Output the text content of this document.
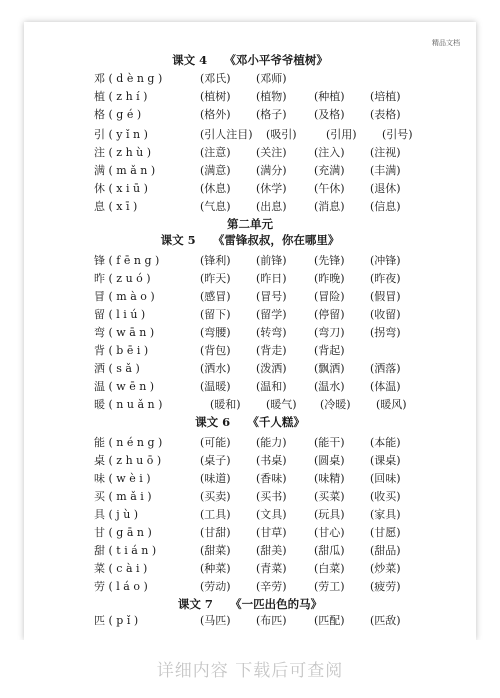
精品文档
课文 4　　《邓小平爷爷植树》

邓 ( d è n g )	(邓氏) (邓师)

植 ( z h í )	(植树) (植物) (种植) (培植)

格 ( g é )	(格外) (格子) (及格) (表格)

引 ( y ǐ n )	(引人注目) (吸引)	(引用) (引号)

注 ( z h ù )	(注意) (关注) (注入) (注视)

满 ( m ǎ n )	(满意) (满分) (充满) (丰满)

休 ( x i ū )	(休息) (休学) (午休) (退休)

息 ( x ī )	(气息) (出息) (消息) (信息)

第二单元
课文 5　　《雷锋叔叔，你在哪里》

锋 ( f ē n g )	(锋利) (前锋) (先锋) (冲锋)

昨 ( z u ó )	(昨天) (昨日) (昨晚) (昨夜)

冒 ( m à o )	(感冒) (冒号) (冒险) (假冒)

留 ( l i ú )	(留下) (留学) (停留) (收留)

弯 ( w ā n )	(弯腰) (转弯) (弯刀) (拐弯)

背 ( b ē i )	(背包) (背走) (背起)

洒 ( s ǎ )	(洒水) (泼洒) (飘洒) (洒落)

温 ( w ē n )	(温暖) (温和) (温水) (体温)

暖 ( n u ǎ n )	(暖和) (暖气) (冷暖) (暖风)

课文 6　　《千人糕》

能 ( n é n g )	(可能) (能力) (能干) (本能)

桌 ( z h u ō )	(桌子) (书桌) (圆桌) (课桌)

味 ( w è i )	(味道) (香味) (味精) (回味)

买 ( m ǎ i )	(买卖) (买书) (买菜) (收买)

具 ( j ù )	(工具) (文具) (玩具) (家具)

甘 ( g ā n )	(甘甜) (甘草) (甘心) (甘愿)

甜 ( t i á n )	(甜菜) (甜美) (甜瓜) (甜品)

菜 ( c à i )	(种菜) (青菜) (白菜) (炒菜)

劳 ( l á o )	(劳动) (辛劳) (劳工) (疲劳)

课文 7　　《一匹出色的马》

匹 ( p ǐ )	(马匹) (布匹) (匹配) (匹敌)

详细内容 下载后可查阅
